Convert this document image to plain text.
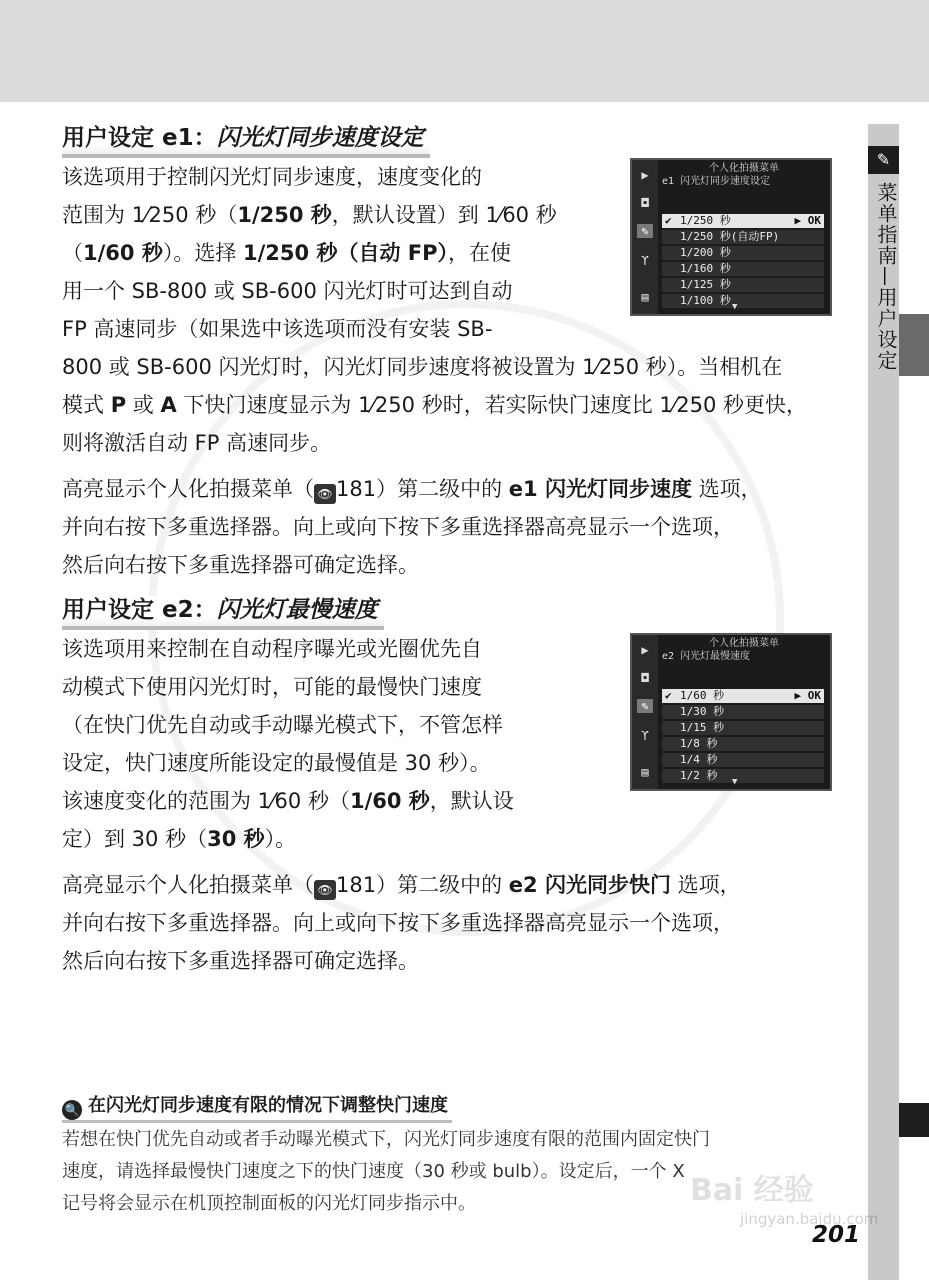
✎
菜单指南—用户设定
用户设定 e1：闪光灯同步速度设定
该选项用于控制闪光灯同步速度，速度变化的
范围为 1⁄250 秒（1/250 秒，默认设置）到 1⁄60 秒
（1/60 秒）。选择 1/250 秒（自动 FP），在使
用一个 SB-800 或 SB-600 闪光灯时可达到自动
FP 高速同步（如果选中该选项而没有安装 SB-
800 或 SB-600 闪光灯时，闪光灯同步速度将被设置为 1⁄250 秒）。当相机在
模式 P 或 A 下快门速度显示为 1⁄250 秒时，若实际快门速度比 1⁄250 秒更快，
则将激活自动 FP 高速同步。
高亮显示个人化拍摄菜单（ 👁 181）第二级中的 e1 闪光灯同步速度 选项，
并向右按下多重选择器。向上或向下按下多重选择器高亮显示一个选项，
然后向右按下多重选择器可确定选择。
▶
◘
✎
ϒ
▤
个人化拍摄菜单
e1 闪光灯同步速度设定
✔ 1/250 秒	▶ OK
1/250 秒(自动FP)
1/200 秒
1/160 秒
1/125 秒
1/100 秒 ▼
用户设定 e2：闪光灯最慢速度
该选项用来控制在自动程序曝光或光圈优先自
动模式下使用闪光灯时，可能的最慢快门速度
（在快门优先自动或手动曝光模式下，不管怎样
设定，快门速度所能设定的最慢值是 30 秒）。
该速度变化的范围为 1⁄60 秒（1/60 秒，默认设
定）到 30 秒（30 秒）。
高亮显示个人化拍摄菜单（ 👁 181）第二级中的 e2 闪光同步快门 选项，
并向右按下多重选择器。向上或向下按下多重选择器高亮显示一个选项，
然后向右按下多重选择器可确定选择。
▶
◘
✎
ϒ
▤
个人化拍摄菜单
e2 闪光灯最慢速度
✔ 1/60 秒	▶ OK
1/30 秒
1/15 秒
1/8 秒
1/4 秒
1/2 秒	▼
🔍 在闪光灯同步速度有限的情况下调整快门速度
若想在快门优先自动或者手动曝光模式下，闪光灯同步速度有限的范围内固定快门
速度，请选择最慢快门速度之下的快门速度（30 秒或 bulb）。设定后，一个 X
记号将会显示在机顶控制面板的闪光灯同步指示中。	Bai 经验
jingyan.baidu.com
201
